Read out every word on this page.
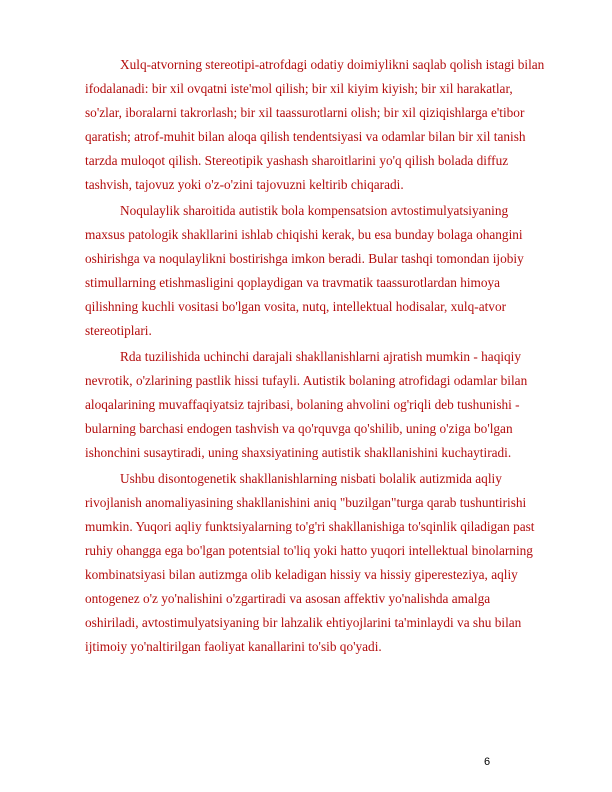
Xulq-atvorning stereotipi-atrofdagi odatiy doimiylikni saqlab qolish istagi bilan
ifodalanadi: bir xil ovqatni iste'mol qilish; bir xil kiyim kiyish; bir xil harakatlar,
so'zlar, iboralarni takrorlash; bir xil taassurotlarni olish; bir xil qiziqishlarga e'tibor
qaratish; atrof-muhit bilan aloqa qilish tendentsiyasi va odamlar bilan bir xil tanish
tarzda muloqot qilish. Stereotipik yashash sharoitlarini yo'q qilish bolada diffuz
tashvish, tajovuz yoki o'z-o'zini tajovuzni keltirib chiqaradi.
Noqulaylik sharoitida autistik bola kompensatsion avtostimulyatsiyaning
maxsus patologik shakllarini ishlab chiqishi kerak, bu esa bunday bolaga ohangini
oshirishga va noqulaylikni bostirishga imkon beradi. Bular tashqi tomondan ijobiy
stimullarning etishmasligini qoplaydigan va travmatik taassurotlardan himoya
qilishning kuchli vositasi bo'lgan vosita, nutq, intellektual hodisalar, xulq-atvor
stereotiplari.
Rda tuzilishida uchinchi darajali shakllanishlarni ajratish mumkin - haqiqiy
nevrotik, o'zlarining pastlik hissi tufayli. Autistik bolaning atrofidagi odamlar bilan
aloqalarining muvaffaqiyatsiz tajribasi, bolaning ahvolini og'riqli deb tushunishi -
bularning barchasi endogen tashvish va qo'rquvga qo'shilib, uning o'ziga bo'lgan
ishonchini susaytiradi, uning shaxsiyatining autistik shakllanishini kuchaytiradi.
Ushbu disontogenetik shakllanishlarning nisbati bolalik autizmida aqliy
rivojlanish anomaliyasining shakllanishini aniq "buzilgan"turga qarab tushuntirishi
mumkin. Yuqori aqliy funktsiyalarning to'g'ri shakllanishiga to'sqinlik qiladigan past
ruhiy ohangga ega bo'lgan potentsial to'liq yoki hatto yuqori intellektual binolarning
kombinatsiyasi bilan autizmga olib keladigan hissiy va hissiy giperesteziya, aqliy
ontogenez o'z yo'nalishini o'zgartiradi va asosan affektiv yo'nalishda amalga
oshiriladi, avtostimulyatsiyaning bir lahzalik ehtiyojlarini ta'minlaydi va shu bilan
ijtimoiy yo'naltirilgan faoliyat kanallarini to'sib qo'yadi.
6
